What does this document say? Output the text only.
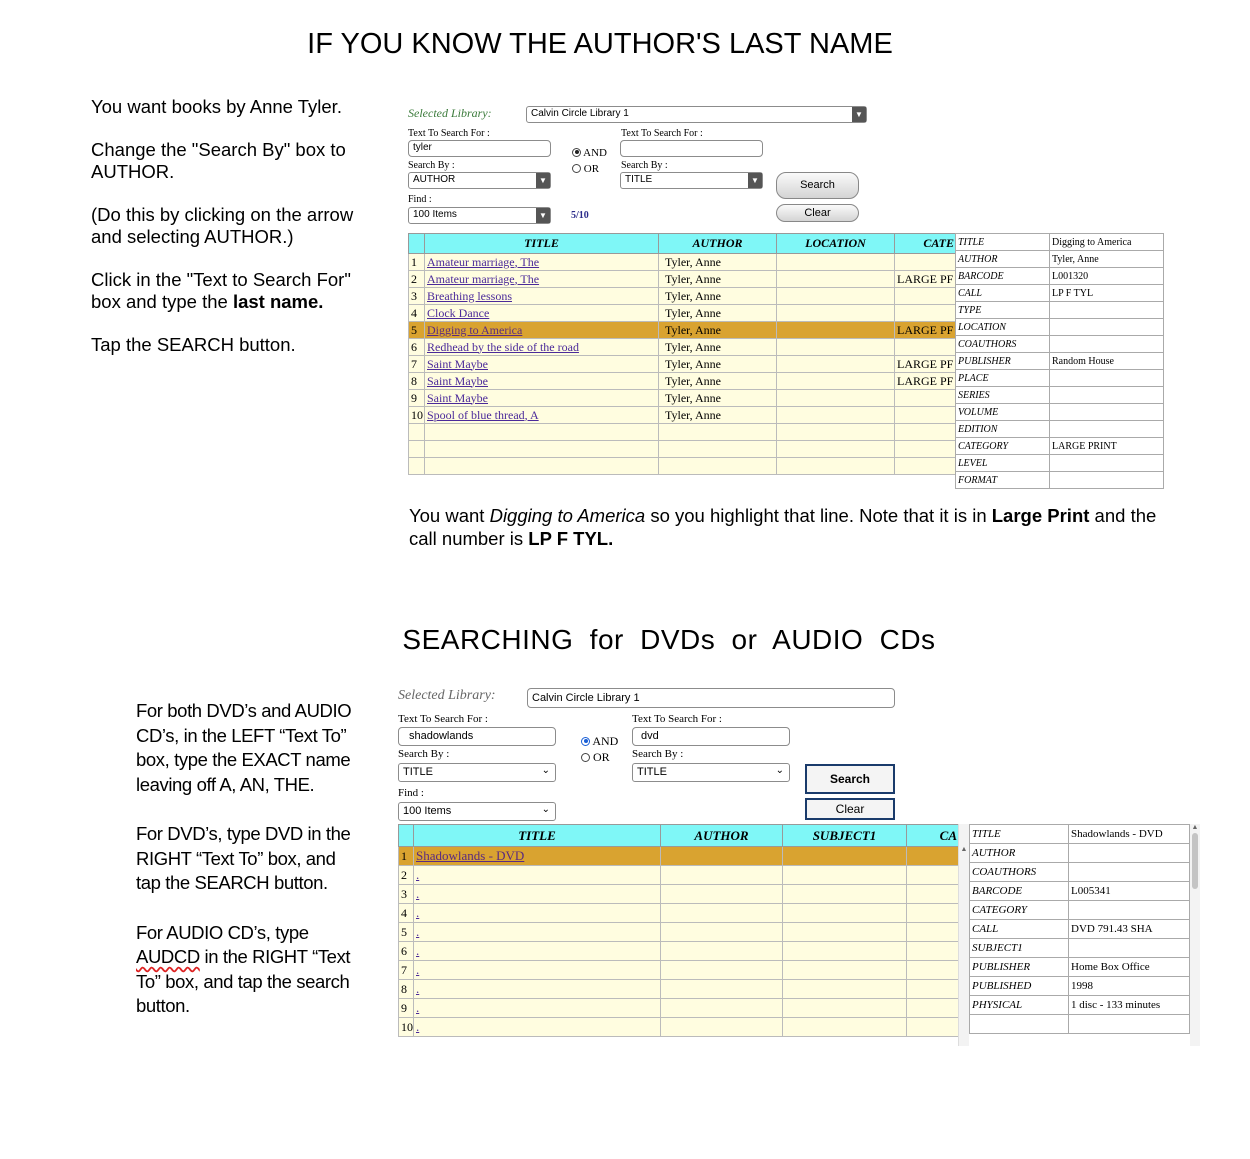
IF YOU KNOW THE AUTHOR'S LAST NAME

You want books by Anne Tyler.

Change the "Search By" box to AUTHOR.

(Do this by clicking on the arrow and selecting AUTHOR.)

Click in the "Text to Search For" box and type the last name.

Tap the SEARCH button.

Selected Library:	Calvin Circle Library 1	▼
Text To Search For :
tyler
Text To Search For :
AND
OR
Search By :
AUTHOR	▼
Search By :
TITLE	▼	Search
Find :
100 Items	▼	5/10	Clear
	TITLE	AUTHOR	LOCATION	CATE
1	Amateur marriage, The	Tyler, Anne		
2	Amateur marriage, The	Tyler, Anne		LARGE PF
3	Breathing lessons	Tyler, Anne		
4	Clock Dance	Tyler, Anne		
5	Digging to America	Tyler, Anne		LARGE PF
6	Redhead by the side of the road	Tyler, Anne		
7	Saint Maybe	Tyler, Anne		LARGE PF
8	Saint Maybe	Tyler, Anne		LARGE PF
9	Saint Maybe	Tyler, Anne		
10	Spool of blue thread, A	Tyler, Anne		

TITLE	Digging to America
AUTHOR	Tyler, Anne
BARCODE	L001320
CALL	LP F TYL
TYPE	
LOCATION	
COAUTHORS	
PUBLISHER	Random House
PLACE	
SERIES	
VOLUME	
EDITION	
CATEGORY	LARGE PRINT
LEVEL	
FORMAT	
You want Digging to America so you highlight that line. Note that it is in Large Print and the call number is LP F TYL.
SEARCHING for DVDs or AUDIO CDs

For both DVD’s and AUDIO CD’s, in the LEFT “Text To” box, type the EXACT name leaving off A, AN, THE.

For DVD’s, type DVD in the RIGHT “Text To” box, and tap the SEARCH button.

For AUDIO CD’s, type AUDCD in the RIGHT “Text To” box, and tap the search button.

Selected Library:	Calvin Circle Library 1
Text To Search For :
shadowlands
Text To Search For :
dvd
AND
OR
Search By :
TITLE	⌄
Search By :
TITLE	⌄
Search
Find :
100 Items	⌄	Clear
	TITLE	AUTHOR	SUBJECT1	CA
1	Shadowlands - DVD			
2	.			
3	.			
4	.			
5	.			
6	.			
7	.			
8	.			
9	.			
10	.			
▲
TITLE	Shadowlands - DVD
AUTHOR	
COAUTHORS	
BARCODE	L005341
CATEGORY	
CALL	DVD 791.43 SHA
SUBJECT1	
PUBLISHER	Home Box Office
PUBLISHED	1998
PHYSICAL	1 disc - 133 minutes

▲
